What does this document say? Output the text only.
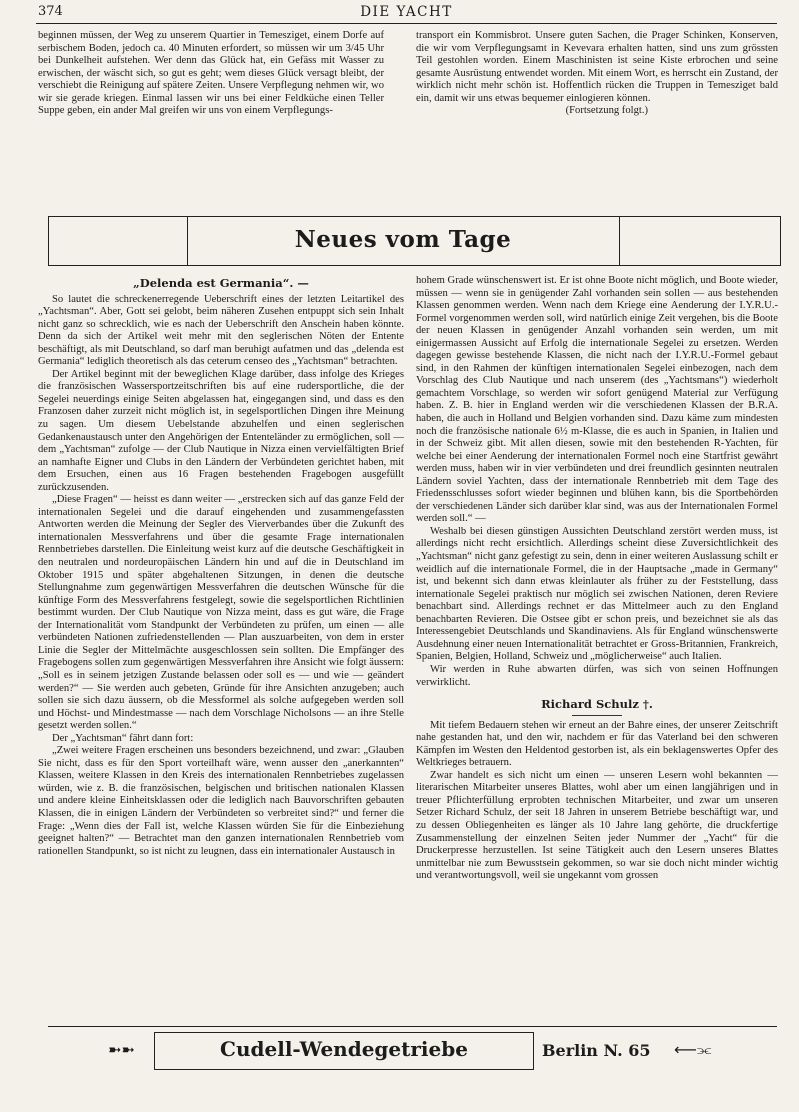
374	DIE YACHT

beginnen müssen, der Weg zu unserem Quartier in Temesziget, einem Dorfe auf serbischem Boden, jedoch ca. 40 Minuten erfordert, so müssen wir um 3/45 Uhr bei Dunkelheit aufstehen. Wer denn das Glück hat, ein Gefäss mit Wasser zu erwischen, der wäscht sich, so gut es geht; wem dieses Glück versagt bleibt, der verschiebt die Reinigung auf spätere Zeiten. Unsere Verpflegung nehmen wir, wo wir sie gerade kriegen. Einmal lassen wir uns bei einer Feldküche einen Teller Suppe geben, ein ander Mal greifen wir uns von einem Verpflegungs-

transport ein Kommisbrot. Unsere guten Sachen, die Prager Schinken, Konserven, die wir vom Verpflegungsamt in Kevevara erhalten hatten, sind uns zum grössten Teil gestohlen worden. Einem Maschinisten ist seine Kiste erbrochen und seine gesamte Ausrüstung entwendet worden. Mit einem Wort, es herrscht ein Zustand, der wirklich nicht mehr schön ist. Hoffentlich rücken die Truppen in Temesziget bald ein, damit wir uns etwas bequemer einlogieren können.

(Fortsetzung folgt.)

Neues vom Tage
„Delenda est Germania“. —

So lautet die schreckenerregende Ueberschrift eines der letzten Leitartikel des „Yachtsman“. Aber, Gott sei gelobt, beim näheren Zusehen entpuppt sich sein Inhalt nicht ganz so schrecklich, wie es nach der Ueberschrift den Anschein haben könnte. Denn da sich der Artikel weit mehr mit den seglerischen Nöten der Entente beschäftigt, als mit Deutschland, so darf man beruhigt aufatmen und das „delenda est Germania“ lediglich theoretisch als das ceterum censeo des „Yachtsman“ betrachten.

Der Artikel beginnt mit der beweglichen Klage darüber, dass infolge des Krieges die französischen Wassersportzeitschriften bis auf eine rudersportliche, die der Segelei neuerdings einige Seiten abgelassen hat, eingegangen sind, und dass es den Franzosen daher zurzeit nicht möglich ist, in segelsportlichen Dingen ihre Meinung zu sagen. Um diesem Uebelstande abzuhelfen und einen seglerischen Gedankenaustausch unter den Angehörigen der Ententeländer zu ermöglichen, soll — dem „Yachtsman“ zufolge — der Club Nautique in Nizza einen vervielfältigten Brief an namhafte Eigner und Clubs in den Ländern der Verbündeten gerichtet haben, mit dem Ersuchen, einen aus 16 Fragen bestehenden Fragebogen ausgefüllt zurückzusenden.

„Diese Fragen“ — heisst es dann weiter — „erstrecken sich auf das ganze Feld der internationalen Segelei und die darauf eingehenden und zusammengefassten Antworten werden die Meinung der Segler des Vierverbandes über die Zukunft des internationalen Messverfahrens und über die gesamte Frage internationalen Rennbetriebes darstellen. Die Einleitung weist kurz auf die deutsche Geschäftigkeit in den neutralen und nordeuropäischen Ländern hin und auf die in Deutschland im Oktober 1915 und später abgehaltenen Sitzungen, in denen die deutsche Stellungnahme zum gegenwärtigen Messverfahren die deutschen Wünsche für die künftige Form des Messverfahrens festgelegt, sowie die segelsportlichen Richtlinien bestimmt wurden. Der Club Nautique von Nizza meint, dass es gut wäre, die Frage der Internationalität vom Standpunkt der Verbündeten zu prüfen, um einen — alle verbündeten Nationen zufriedenstellenden — Plan auszuarbeiten, von dem in erster Linie die Segler der Mittelmächte ausgeschlossen sein sollten. Die Empfänger des Fragebogens sollen zum gegenwärtigen Messverfahren ihre Ansicht wie folgt äussern: „Soll es in seinem jetzigen Zustande belassen oder soll es — und wie — geändert werden?“ — Sie werden auch gebeten, Gründe für ihre Ansichten anzugeben; auch sollen sie sich dazu äussern, ob die Messformel als solche aufgegeben werden soll und Höchst- und Mindestmasse — nach dem Vorschlage Nicholsons — an ihre Stelle gesetzt werden sollen.“

Der „Yachtsman“ fährt dann fort:

„Zwei weitere Fragen erscheinen uns besonders bezeichnend, und zwar: „Glauben Sie nicht, dass es für den Sport vorteilhaft wäre, wenn ausser den „anerkannten“ Klassen, weitere Klassen in den Kreis des internationalen Rennbetriebes zugelassen würden, wie z. B. die französischen, belgischen und britischen nationalen Klassen und andere kleine Einheitsklassen oder die lediglich nach Bauvorschriften gebauten Klassen, die in einigen Ländern der Verbündeten so verbreitet sind?“ und ferner die Frage: „Wenn dies der Fall ist, welche Klassen würden Sie für die Einbeziehung geeignet halten?“ — Betrachtet man den ganzen internationalen Rennbetrieb vom rationellen Standpunkt, so ist nicht zu leugnen, dass ein internationaler Austausch in

hohem Grade wünschenswert ist. Er ist ohne Boote nicht möglich, und Boote wieder, müssen — wenn sie in genügender Zahl vorhanden sein sollen — aus bestehenden Klassen genommen werden. Wenn nach dem Kriege eine Aenderung der I.Y.R.U.-Formel vorgenommen werden soll, wird natürlich einige Zeit vergehen, bis die Boote der neuen Klassen in genügender Anzahl vorhanden sein werden, um mit einigermassen Aussicht auf Erfolg die internationale Segelei zu ersetzen. Werden dagegen gewisse bestehende Klassen, die nicht nach der I.Y.R.U.-Formel gebaut sind, in den Rahmen der künftigen internationalen Segelei einbezogen, nach dem Vorschlag des Club Nautique und nach unserem (des „Yachtsmans“) wiederholt gemachtem Vorschlage, so werden wir sofort genügend Material zur Verfügung haben. Z. B. hier in England werden wir die verschiedenen Klassen der B.R.A. haben, die auch in Holland und Belgien vorhanden sind. Dazu käme zum mindesten noch die französische nationale 6½ m-Klasse, die es auch in Spanien, in Italien und in der Schweiz gibt. Mit allen diesen, sowie mit den bestehenden R-Yachten, für welche bei einer Aenderung der internationalen Formel noch eine Startfrist gewährt werden muss, haben wir in vier verbündeten und drei freundlich gesinnten neutralen Ländern soviel Yachten, dass der internationale Rennbetrieb mit dem Tage des Friedensschlusses sofort wieder beginnen und blühen kann, bis die Sportbehörden der verschiedenen Länder sich darüber klar sind, was aus der Internationalen Formel werden soll.“ —

Weshalb bei diesen günstigen Aussichten Deutschland zerstört werden muss, ist allerdings nicht recht ersichtlich. Allerdings scheint diese Zuversichtlichkeit des „Yachtsman“ nicht ganz gefestigt zu sein, denn in einer weiteren Auslassung schilt er weidlich auf die internationale Formel, die in der Hauptsache „made in Germany“ ist, und bekennt sich dann etwas kleinlauter als früher zu der Feststellung, dass internationale Segelei praktisch nur möglich sei zwischen Nationen, deren Reviere benachbart sind. Allerdings rechnet er das Mittelmeer auch zu den England benachbarten Revieren. Die Ostsee gibt er schon preis, und bezeichnet sie als das Interessengebiet Deutschlands und Skandinaviens. Als für England wünschenswerte Ausdehnung einer neuen Internationalität betrachtet er Gross-Britannien, Frankreich, Spanien, Belgien, Holland, Schweiz und „möglicherweise“ auch Italien.

Wir werden in Ruhe abwarten dürfen, was sich von seinen Hoffnungen verwirklicht.

Richard Schulz †.

Mit tiefem Bedauern stehen wir erneut an der Bahre eines, der unserer Zeitschrift nahe gestanden hat, und den wir, nachdem er für das Vaterland bei den schweren Kämpfen im Westen den Heldentod gestorben ist, als ein beklagenswertes Opfer des Weltkrieges betrauern.

Zwar handelt es sich nicht um einen — unseren Lesern wohl bekannten — literarischen Mitarbeiter unseres Blattes, wohl aber um einen langjährigen und in treuer Pflichterfüllung erprobten technischen Mitarbeiter, und zwar um unseren Setzer Richard Schulz, der seit 18 Jahren in unserem Betriebe beschäftigt war, und zu dessen Obliegenheiten es länger als 10 Jahre lang gehörte, die druckfertige Zusammenstellung der einzelnen Seiten jeder Nummer der „Yacht“ für die Druckerpresse herzustellen. Ist seine Tätigkeit auch den Lesern unseres Blattes unmittelbar nie zum Bewusstsein gekommen, so war sie doch nicht minder wichtig und verantwortungsvoll, weil sie ungekannt vom grossen

➼➼	Cudell-Wendegetriebe	Berlin N. 65 ⟵⫘
